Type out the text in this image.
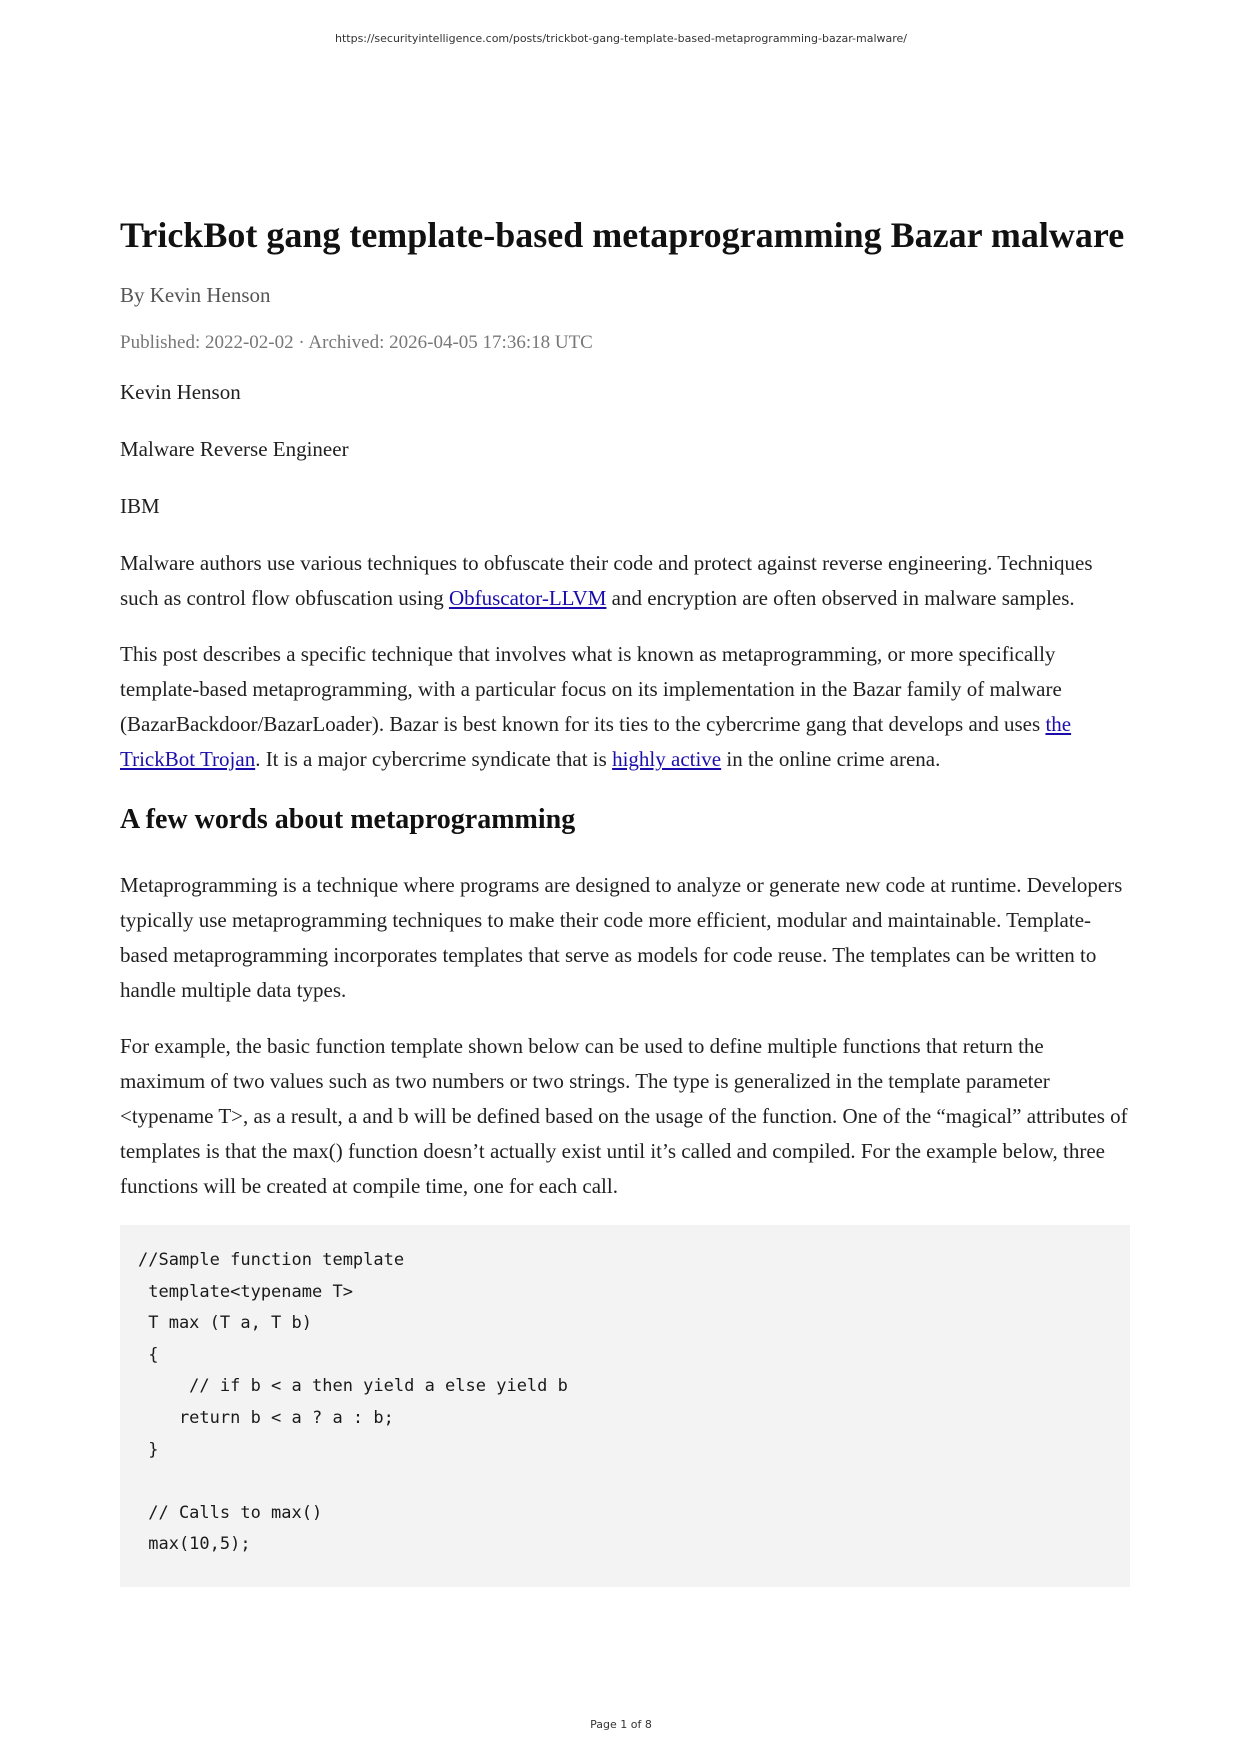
https://securityintelligence.com/posts/trickbot-gang-template-based-metaprogramming-bazar-malware/
TrickBot gang template-based metaprogramming Bazar malware
By Kevin Henson
Published: 2022-02-02 · Archived: 2026-04-05 17:36:18 UTC

Kevin Henson

Malware Reverse Engineer

IBM

Malware authors use various techniques to obfuscate their code and protect against reverse engineering. Techniques such as control flow obfuscation using Obfuscator-LLVM and encryption are often observed in malware samples.

This post describes a specific technique that involves what is known as metaprogramming, or more specifically template-based metaprogramming, with a particular focus on its implementation in the Bazar family of malware (BazarBackdoor/BazarLoader). Bazar is best known for its ties to the cybercrime gang that develops and uses the TrickBot Trojan. It is a major cybercrime syndicate that is highly active in the online crime arena.

A few words about metaprogramming

Metaprogramming is a technique where programs are designed to analyze or generate new code at runtime. Developers typically use metaprogramming techniques to make their code more efficient, modular and maintainable. Template-based metaprogramming incorporates templates that serve as models for code reuse. The templates can be written to handle multiple data types.

For example, the basic function template shown below can be used to define multiple functions that return the maximum of two values such as two numbers or two strings. The type is generalized in the template parameter <typename T>, as a result, a and b will be defined based on the usage of the function. One of the “magical” attributes of templates is that the max() function doesn’t actually exist until it’s called and compiled. For the example below, three functions will be created at compile time, one for each call.

//Sample function template
template<typename T>
T max (T a, T b)
{
// if b < a then yield a else yield b
return b < a ? a : b;
}

// Calls to max()
max(10,5);
Page 1 of 8
